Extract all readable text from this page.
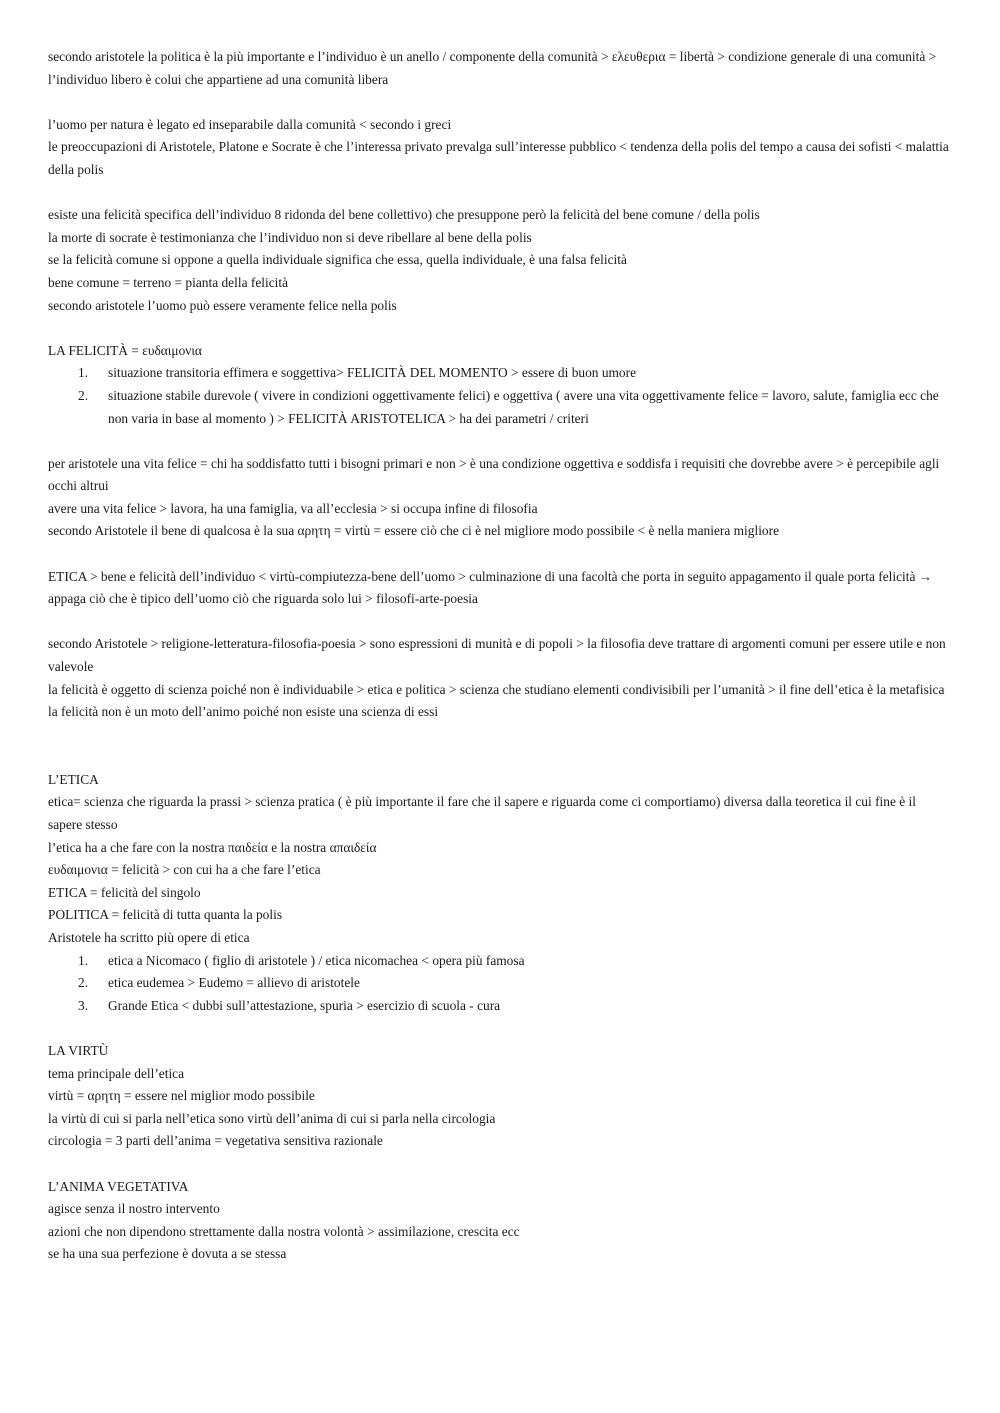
secondo aristotele la politica è la più importante e l’individuo è un anello / componente della comunità > ελευθερια = libertà > condizione generale di una comunità > l’individuo libero è colui che appartiene ad una comunità libera

l’uomo per natura è legato ed inseparabile dalla comunità < secondo i greci

le preoccupazioni di Aristotele, Platone e Socrate è che l’interessa privato prevalga sull’interesse pubblico < tendenza della polis del tempo a causa dei sofisti < malattia della polis

esiste una felicità specifica dell’individuo 8 ridonda del bene collettivo) che presuppone però la felicità del bene comune / della polis

la morte di socrate è testimonianza che l’individuo non si deve ribellare al bene della polis

se la felicità comune si oppone a quella individuale significa che essa, quella individuale, è una falsa felicità

bene comune = terreno = pianta della felicità

secondo aristotele l’uomo può essere veramente felice nella polis

LA FELICITÀ = ευδαιμονια

1. situazione transitoria effimera e soggettiva> FELICITÀ DEL MOMENTO > essere di buon umore
2. situazione stabile durevole ( vivere in condizioni oggettivamente felici) e oggettiva ( avere una vita oggettivamente felice = lavoro, salute, famiglia ecc che non varia in base al momento ) > FELICITÀ ARISTOTELICA > ha dei parametri / criteri

per aristotele una vita felice = chi ha soddisfatto tutti i bisogni primari e non > è una condizione oggettiva e soddisfa i requisiti che dovrebbe avere > è percepibile agli occhi altrui

avere una vita felice > lavora, ha una famiglia, va all’ecclesia > si occupa infine di filosofia

secondo Aristotele il bene di qualcosa è la sua αρητη = virtù = essere ciò che ci è nel migliore modo possibile < è nella maniera migliore

ETICA > bene e felicità dell’individuo < virtù-compiutezza-bene dell’uomo > culminazione di una facoltà che porta in seguito appagamento il quale porta felicità → appaga ciò che è tipico dell’uomo ciò che riguarda solo lui > filosofi-arte-poesia

secondo Aristotele > religione-letteratura-filosofia-poesia > sono espressioni di munità e di popoli > la filosofia deve trattare di argomenti comuni per essere utile e non valevole

la felicità è oggetto di scienza poiché non è individuabile > etica e politica > scienza che studiano elementi condivisibili per l’umanità > il fine dell’etica è la metafisica

la felicità non è un moto dell’animo poiché non esiste una scienza di essi

L’ETICA

etica= scienza che riguarda la prassi > scienza pratica ( è più importante il fare che il sapere e riguarda come ci comportiamo) diversa dalla teoretica il cui fine è il sapere stesso

l’etica ha a che fare con la nostra παιδεία e la nostra απαιδεία

ευδαιμονια = felicità > con cui ha a che fare l’etica

ETICA = felicità del singolo

POLITICA = felicità di tutta quanta la polis

Aristotele ha scritto più opere di etica

1. etica a Nicomaco ( figlio di aristotele ) / etica nicomachea < opera più famosa
2. etica eudemea > Eudemo = allievo di aristotele
3. Grande Etica < dubbi sull’attestazione, spuria > esercizio di scuola - cura

LA VIRTÙ

tema principale dell’etica

virtù = αρητη = essere nel miglior modo possibile

la virtù di cui si parla nell’etica sono virtù dell’anima di cui si parla nella circologia

circologia = 3 parti dell’anima = vegetativa sensitiva razionale

L’ANIMA VEGETATIVA

agisce senza il nostro intervento

azioni che non dipendono strettamente dalla nostra volontà > assimilazione, crescita ecc

se ha una sua perfezione è dovuta a se stessa
